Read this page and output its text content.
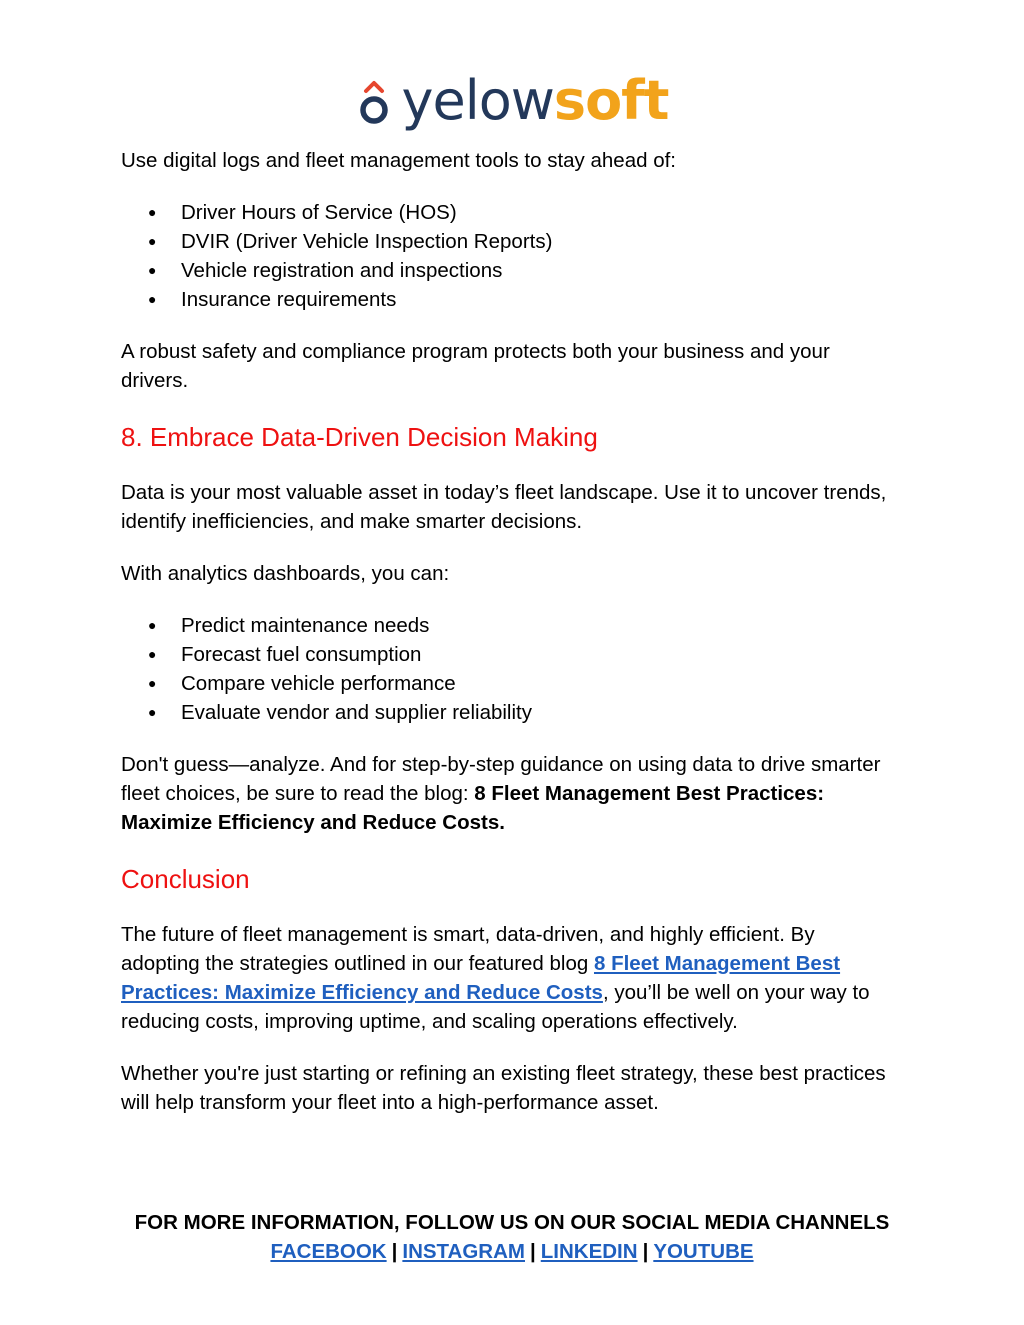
yelowsoft

Use digital logs and fleet management tools to stay ahead of:

● Driver Hours of Service (HOS)
● DVIR (Driver Vehicle Inspection Reports)
● Vehicle registration and inspections
● Insurance requirements

A robust safety and compliance program protects both your business and your drivers.

8. Embrace Data-Driven Decision Making

Data is your most valuable asset in today’s fleet landscape. Use it to uncover trends, identify inefficiencies, and make smarter decisions.

With analytics dashboards, you can:

● Predict maintenance needs
● Forecast fuel consumption
● Compare vehicle performance
● Evaluate vendor and supplier reliability

Don't guess—analyze. And for step-by-step guidance on using data to drive smarter fleet choices, be sure to read the blog: 8 Fleet Management Best Practices: Maximize Efficiency and Reduce Costs.

Conclusion

The future of fleet management is smart, data-driven, and highly efficient. By adopting the strategies outlined in our featured blog 8 Fleet Management Best Practices: Maximize Efficiency and Reduce Costs, you’ll be well on your way to reducing costs, improving uptime, and scaling operations effectively.

Whether you're just starting or refining an existing fleet strategy, these best practices will help transform your fleet into a high-performance asset.

FOR MORE INFORMATION, FOLLOW US ON OUR SOCIAL MEDIA CHANNELS
FACEBOOK | INSTAGRAM | LINKEDIN | YOUTUBE
